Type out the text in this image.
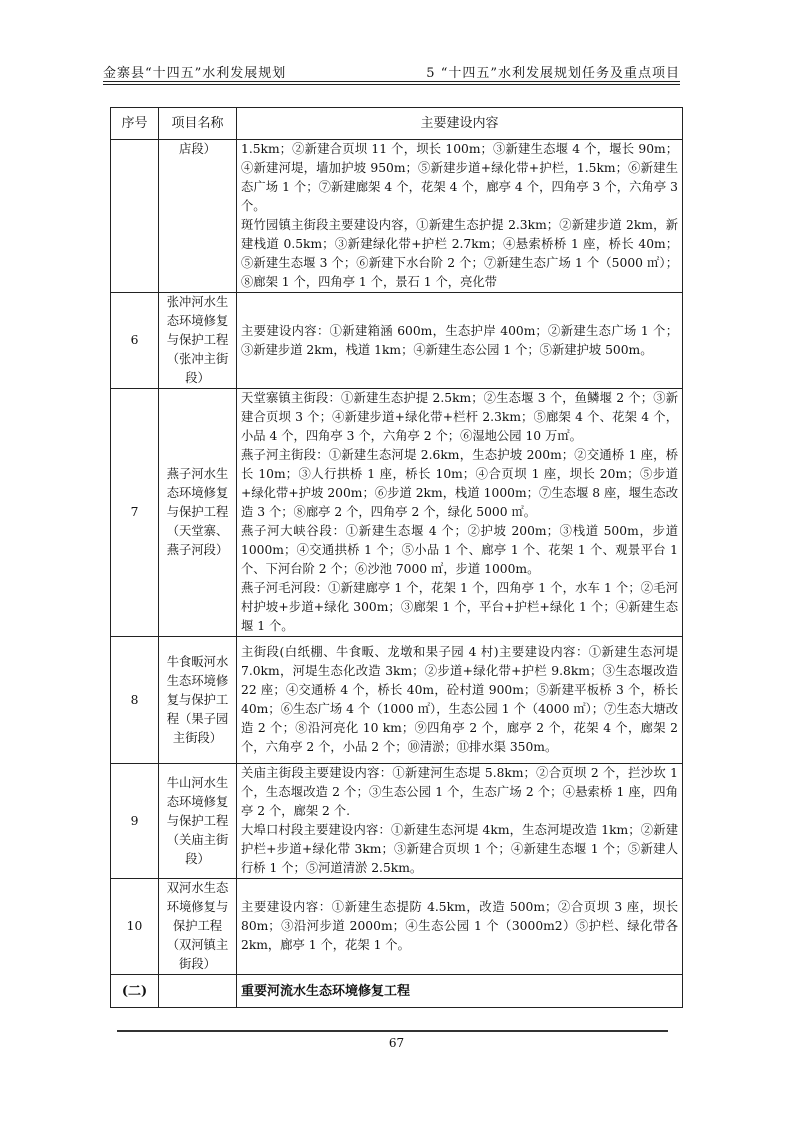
金寨县“十四五”水利发展规划	5 “十四五”水利发展规划任务及重点项目
序号	项目名称	主要建设内容
	店段）	1.5km；②新建合页坝 11 个，坝长 100m；③新建生态堰 4 个，堰长 90m；④新建河堤，墙加护坡 950m；⑤新建步道+绿化带+护栏，1.5km；⑥新建生态广场 1 个；⑦新建廊架 4 个，花架 4 个，廊亭 4 个，四角亭 3 个，六角亭 3 个。
斑竹园镇主街段主要建设内容，①新建生态护提 2.3km；②新建步道 2km，新建栈道 0.5km；③新建绿化带+护栏 2.7km；④悬索桥桥 1 座，桥长 40m；⑤新建生态堰 3 个；⑥新建下水台阶 2 个；⑦新建生态广场 1 个（5000 ㎡）；⑧廊架 1 个，四角亭 1 个，景石 1 个，亮化带

6	张冲河水生态环境修复与保护工程（张冲主街段）	主要建设内容：①新建箱涵 600m，生态护岸 400m；②新建生态广场 1 个；③新建步道 2km，栈道 1km；④新建生态公园 1 个；⑤新建护坡 500m。

7	燕子河水生态环境修复与保护工程（天堂寨、燕子河段）	天堂寨镇主街段：①新建生态护提 2.5km；②生态堰 3 个，鱼鳞堰 2 个；③新建合页坝 3 个；④新建步道+绿化带+栏杆 2.3km；⑤廊架 4 个、花架 4 个，小品 4 个，四角亭 3 个，六角亭 2 个；⑥湿地公园 10 万㎡。
燕子河主街段：①新建生态河堤 2.6km，生态护坡 200m；②交通桥 1 座，桥长 10m；③人行拱桥 1 座，桥长 10m；④合页坝 1 座，坝长 20m；⑤步道+绿化带+护坡 200m；⑥步道 2km，栈道 1000m；⑦生态堰 8 座，堰生态改造 3 个；⑧廊亭 2 个，四角亭 2 个，绿化 5000 ㎡。
燕子河大峡谷段：①新建生态堰 4 个；②护坡 200m；③栈道 500m，步道 1000m；④交通拱桥 1 个；⑤小品 1 个、廊亭 1 个、花架 1 个、观景平台 1 个、下河台阶 2 个；⑥沙池 7000 ㎡，步道 1000m。
燕子河毛河段：①新建廊亭 1 个，花架 1 个，四角亭 1 个，水车 1 个；②毛河村护坡+步道+绿化 300m；③廊架 1 个，平台+护栏+绿化 1 个；④新建生态堰 1 个。

8	牛食畈河水生态环境修复与保护工程（果子园主街段）	主街段(白纸棚、牛食畈、龙墩和果子园 4 村)主要建设内容：①新建生态河堤 7.0km，河堤生态化改造 3km；②步道+绿化带+护栏 9.8km；③生态堰改造 22 座；④交通桥 4 个，桥长 40m，砼村道 900m；⑤新建平板桥 3 个，桥长 40m；⑥生态广场 4 个（1000 ㎡），生态公园 1 个（4000 ㎡）；⑦生态大塘改造 2 个；⑧沿河亮化 10 km；⑨四角亭 2 个，廊亭 2 个，花架 4 个，廊架 2 个，六角亭 2 个，小品 2 个；⑩清淤；⑪排水渠 350m。

9	牛山河水生态环境修复与保护工程（关庙主街段）	关庙主街段主要建设内容：①新建河生态堤 5.8km；②合页坝 2 个，拦沙坎 1 个，生态堰改造 2 个；③生态公园 1 个，生态广场 2 个；④悬索桥 1 座，四角亭 2 个，廊架 2 个.
大埠口村段主要建设内容：①新建生态河堤 4km，生态河堤改造 1km；②新建护栏+步道+绿化带 3km；③新建合页坝 1 个；④新建生态堰 1 个；⑤新建人行桥 1 个；⑤河道清淤 2.5km。

10	双河水生态环境修复与保护工程（双河镇主街段）	主要建设内容：①新建生态提防 4.5km，改造 500m；②合页坝 3 座，坝长 80m；③沿河步道 2000m；④生态公园 1 个（3000m2）⑤护栏、绿化带各 2km，廊亭 1 个，花架 1 个。

(二)		重要河流水生态环境修复工程
67
